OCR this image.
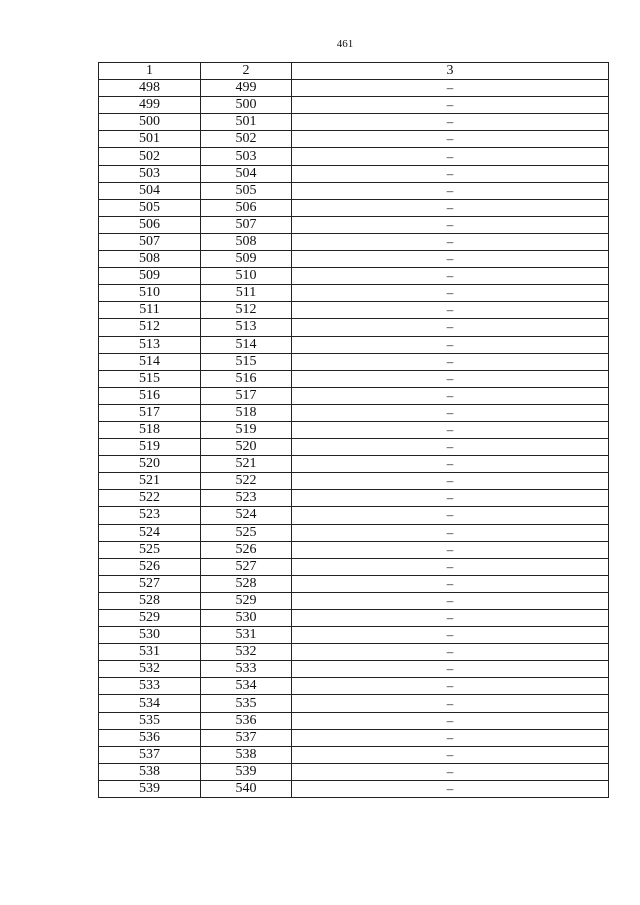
461
1	2	3
498	499	–
499	500	–
500	501	–
501	502	–
502	503	–
503	504	–
504	505	–
505	506	–
506	507	–
507	508	–
508	509	–
509	510	–
510	511	–
511	512	–
512	513	–
513	514	–
514	515	–
515	516	–
516	517	–
517	518	–
518	519	–
519	520	–
520	521	–
521	522	–
522	523	–
523	524	–
524	525	–
525	526	–
526	527	–
527	528	–
528	529	–
529	530	–
530	531	–
531	532	–
532	533	–
533	534	–
534	535	–
535	536	–
536	537	–
537	538	–
538	539	–
539	540	–
